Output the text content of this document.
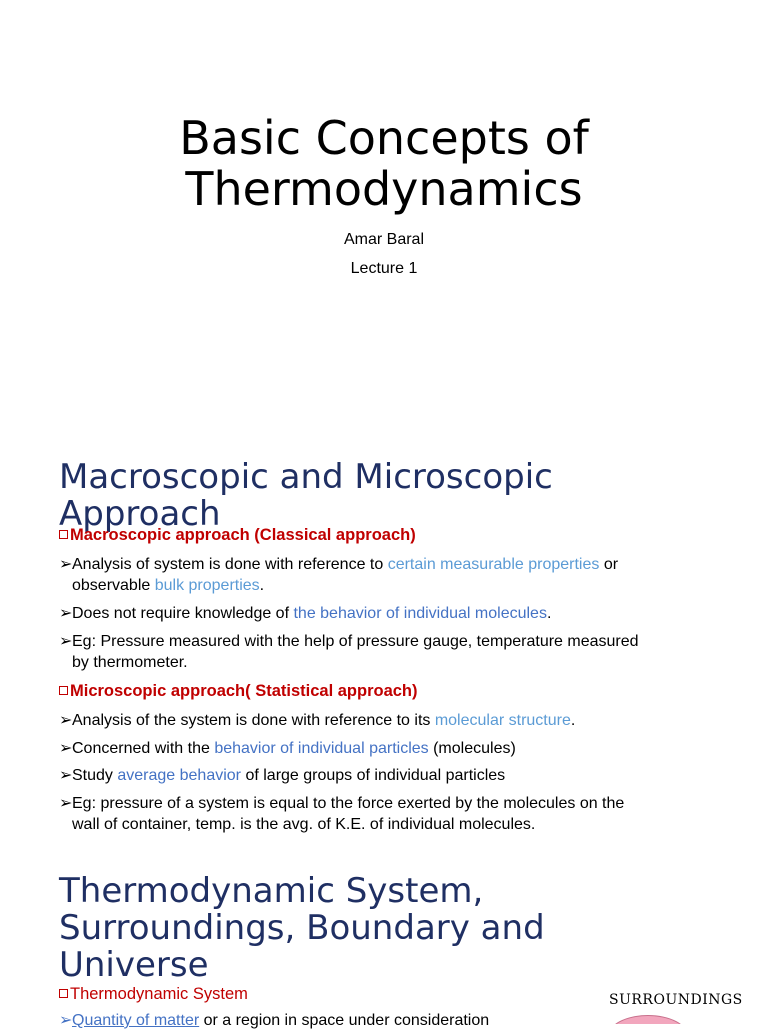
Basic Concepts of
Thermodynamics
Amar Baral
Lecture 1
Macroscopic and Microscopic
Approach
Macroscopic approach (Classical approach)
➢ Analysis of system is done with reference to certain measurable properties or
observable bulk properties.
➢ Does not require knowledge of the behavior of individual molecules.
➢ Eg: Pressure measured with the help of pressure gauge, temperature measured
by thermometer.
Microscopic approach( Statistical approach)
➢ Analysis of the system is done with reference to its molecular structure.
➢ Concerned with the behavior of individual particles (molecules)
➢ Study average behavior of large groups of individual particles
➢ Eg: pressure of a system is equal to the force exerted by the molecules on the
wall of container, temp. is the avg. of K.E. of individual molecules.
Thermodynamic System,
Surroundings, Boundary and
Universe
Thermodynamic System
➢ Quantity of matter or a region in space under consideration
SURROUNDINGS
